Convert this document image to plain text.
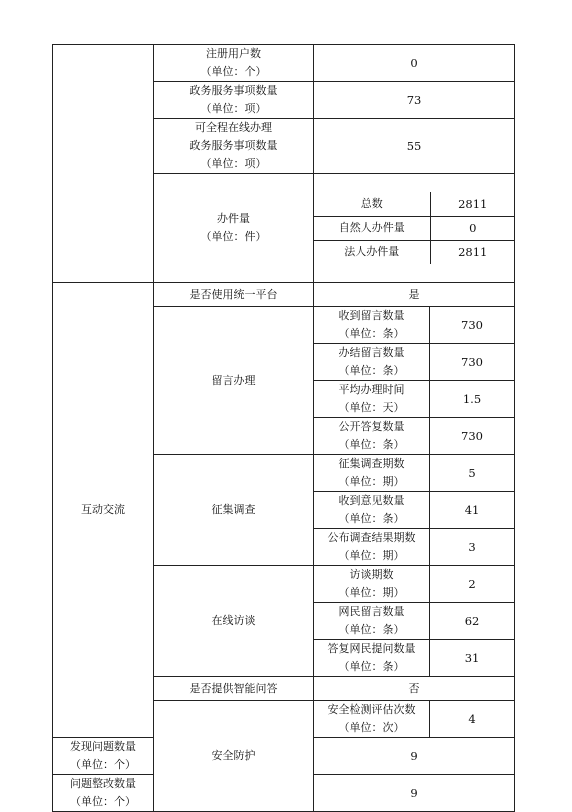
	注册用户数
（单位：个）	0
政务服务事项数量
（单位：项）	73
可全程在线办理
政务服务事项数量
（单位：项）	55
办件量
（单位：件）	

总数	2811
自然人办件量	0
法人办件量	2811

互动交流	是否使用统一平台	是
留言办理	收到留言数量
（单位：条）	730
办结留言数量
（单位：条）	730
平均办理时间
（单位：天）	1.5
公开答复数量
（单位：条）	730
征集调查	征集调查期数
（单位：期）	5
收到意见数量
（单位：条）	41
公布调查结果期数
（单位：期）	3
在线访谈	访谈期数
（单位：期）	2
网民留言数量
（单位：条）	62
答复网民提问数量
（单位：条）	31
是否提供智能问答	否
安全防护	安全检测评估次数
（单位：次）	4
发现问题数量
（单位：个）	9
问题整改数量
（单位：个）	9
